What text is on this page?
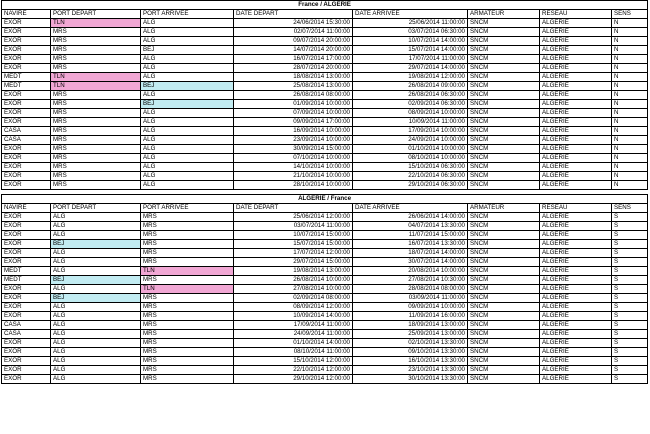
France / ALGERIE							
NAVIRE	PORT DEPART	PORT ARRIVEE	DATE DEPART	DATE ARRIVEE	ARMATEUR	RESEAU	SENS
EXOR	TLN	ALG	24/06/2014 15:30:00	25/06/2014 11:00:00	SNCM	ALGERIE	N
EXOR	MRS	ALG	02/07/2014 11:00:00	03/07/2014 06:30:00	SNCM	ALGERIE	N
EXOR	MRS	ALG	09/07/2014 20:00:00	10/07/2014 14:00:00	SNCM	ALGERIE	N
EXOR	MRS	BEJ	14/07/2014 20:00:00	15/07/2014 14:00:00	SNCM	ALGERIE	N
EXOR	MRS	ALG	16/07/2014 17:00:00	17/07/2014 11:00:00	SNCM	ALGERIE	N
EXOR	MRS	ALG	28/07/2014 20:00:00	29/07/2014 14:00:00	SNCM	ALGERIE	N
MEDT	TLN	ALG	18/08/2014 13:00:00	19/08/2014 12:00:00	SNCM	ALGERIE	N
MEDT	TLN	BEJ	25/08/2014 13:00:00	26/08/2014 09:00:00	SNCM	ALGERIE	N
EXOR	MRS	ALG	26/08/2014 08:00:00	26/08/2014 06:30:00	SNCM	ALGERIE	N
EXOR	MRS	BEJ	01/09/2014 10:00:00	02/09/2014 06:30:00	SNCM	ALGERIE	N
EXOR	MRS	ALG	07/09/2014 10:00:00	08/09/2014 10:00:00	SNCM	ALGERIE	N
EXOR	MRS	ALG	09/09/2014 17:00:00	10/09/2014 11:00:00	SNCM	ALGERIE	N
CASA	MRS	ALG	16/09/2014 10:00:00	17/09/2014 10:00:00	SNCM	ALGERIE	N
CASA	MRS	ALG	23/09/2014 10:00:00	24/09/2014 10:00:00	SNCM	ALGERIE	N
EXOR	MRS	ALG	30/09/2014 15:00:00	01/10/2014 10:00:00	SNCM	ALGERIE	N
EXOR	MRS	ALG	07/10/2014 10:00:00	08/10/2014 10:00:00	SNCM	ALGERIE	N
EXOR	MRS	ALG	14/10/2014 10:00:00	15/10/2014 06:30:00	SNCM	ALGERIE	N
EXOR	MRS	ALG	21/10/2014 10:00:00	22/10/2014 06:30:00	SNCM	ALGERIE	N
EXOR	MRS	ALG	28/10/2014 10:00:00	29/10/2014 06:30:00	SNCM	ALGERIE	N
ALGERIE / France							
NAVIRE	PORT DEPART	PORT ARRIVEE	DATE DEPART	DATE ARRIVEE	ARMATEUR	RESEAU	SENS
EXOR	ALG	MRS	25/06/2014 12:00:00	26/06/2014 14:00:00	SNCM	ALGERIE	S
EXOR	ALG	MRS	03/07/2014 11:00:00	04/07/2014 13:30:00	SNCM	ALGERIE	S
EXOR	ALG	MRS	10/07/2014 15:00:00	11/07/2014 15:00:00	SNCM	ALGERIE	S
EXOR	BEJ	MRS	15/07/2014 15:00:00	16/07/2014 13:30:00	SNCM	ALGERIE	S
EXOR	ALG	MRS	17/07/2014 12:00:00	18/07/2014 14:00:00	SNCM	ALGERIE	S
EXOR	ALG	MRS	29/07/2014 15:00:00	30/07/2014 14:00:00	SNCM	ALGERIE	S
MEDT	ALG	TLN	19/08/2014 13:00:00	20/08/2014 10:00:00	SNCM	ALGERIE	S
MEDT	BEJ	MRS	26/08/2014 10:00:00	27/08/2014 10:30:00	SNCM	ALGERIE	S
EXOR	ALG	TLN	27/08/2014 10:00:00	28/08/2014 08:00:00	SNCM	ALGERIE	S
EXOR	BEJ	MRS	02/09/2014 08:00:00	03/09/2014 11:00:00	SNCM	ALGERIE	S
EXOR	ALG	MRS	08/09/2014 12:00:00	09/09/2014 10:00:00	SNCM	ALGERIE	S
EXOR	ALG	MRS	10/09/2014 14:00:00	11/09/2014 16:00:00	SNCM	ALGERIE	S
CASA	ALG	MRS	17/09/2014 11:00:00	18/09/2014 13:00:00	SNCM	ALGERIE	S
CASA	ALG	MRS	24/09/2014 11:00:00	25/09/2014 13:00:00	SNCM	ALGERIE	S
EXOR	ALG	MRS	01/10/2014 14:00:00	02/10/2014 13:30:00	SNCM	ALGERIE	S
EXOR	ALG	MRS	08/10/2014 11:00:00	09/10/2014 13:30:00	SNCM	ALGERIE	S
EXOR	ALG	MRS	15/10/2014 12:00:00	16/10/2014 13:30:00	SNCM	ALGERIE	S
EXOR	ALG	MRS	22/10/2014 12:00:00	23/10/2014 13:30:00	SNCM	ALGERIE	S
EXOR	ALG	MRS	29/10/2014 12:00:00	30/10/2014 13:30:00	SNCM	ALGERIE	S
